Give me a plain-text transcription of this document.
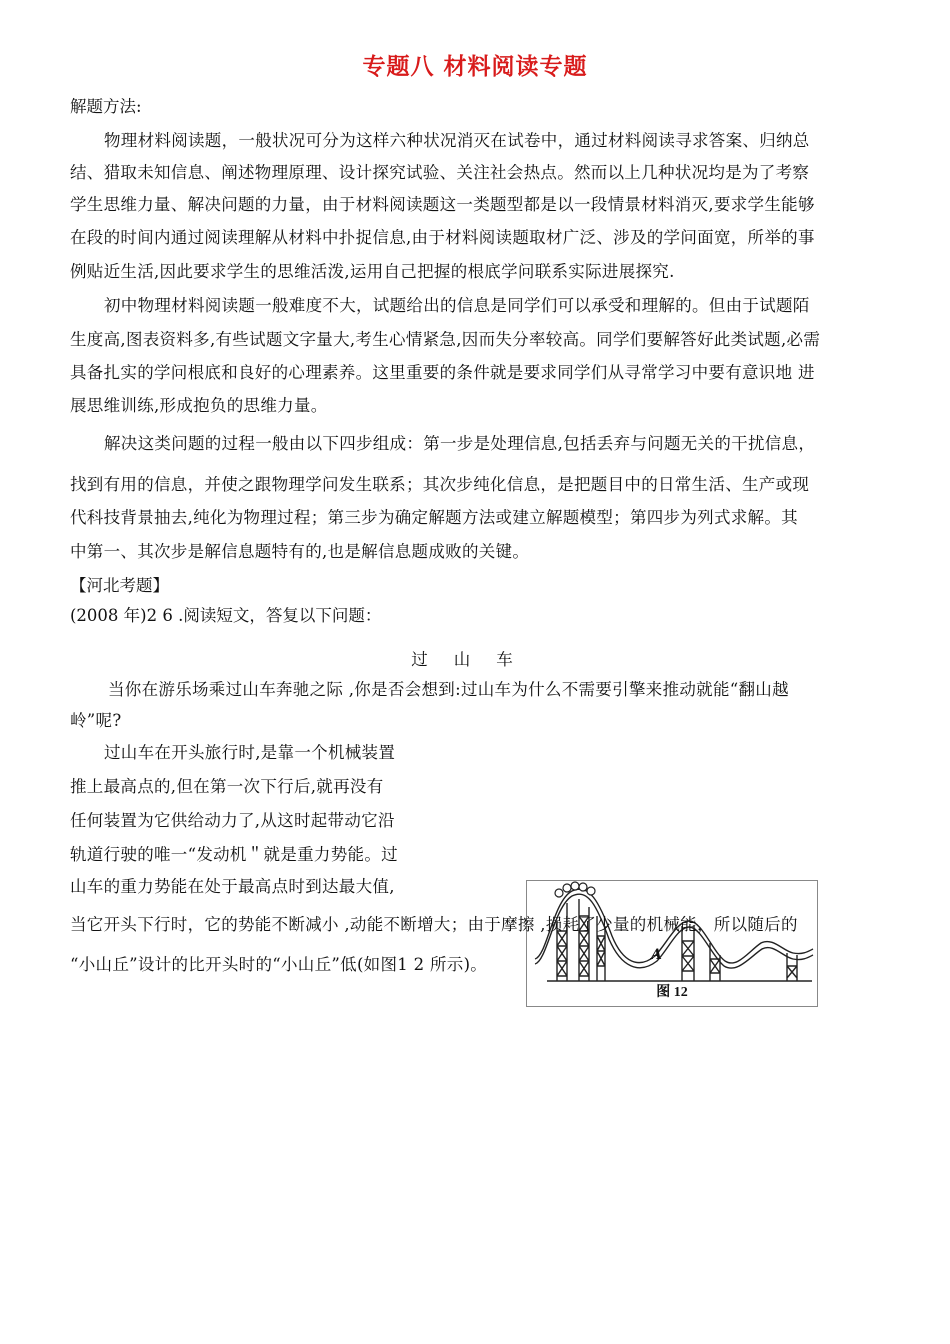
专题八 材料阅读专题
解题方法:
物理材料阅读题，一般状况可分为这样六种状况消灭在试卷中，通过材料阅读寻求答案、归纳总
结、猎取未知信息、阐述物理原理、设计探究试验、关注社会热点。然而以上几种状况均是为了考察
学生思维力量、解决问题的力量，由于材料阅读题这一类题型都是以一段情景材料消灭,要求学生能够
在段的时间内通过阅读理解从材料中扑捉信息,由于材料阅读题取材广泛、涉及的学问面宽，所举的事
例贴近生活,因此要求学生的思维活泼,运用自己把握的根底学问联系实际进展探究.
初中物理材料阅读题一般难度不大，试题给出的信息是同学们可以承受和理解的。但由于试题陌
生度高,图表资料多,有些试题文字量大,考生心情紧急,因而失分率较高。同学们要解答好此类试题,必需
具备扎实的学问根底和良好的心理素养。这里重要的条件就是要求同学们从寻常学习中要有意识地 进
展思维训练,形成抱负的思维力量。
解决这类问题的过程一般由以下四步组成：第一步是处理信息,包括丢弃与问题无关的干扰信息，
找到有用的信息，并使之跟物理学问发生联系；其次步纯化信息，是把题目中的日常生活、生产或现
代科技背景抽去,纯化为物理过程；第三步为确定解题方法或建立解题模型；第四步为列式求解。其
中第一、其次步是解信息题特有的,也是解信息题成败的关键。
【河北考题】
(2008 年)2 6 .阅读短文，答复以下问题：
过山车
当你在游乐场乘过山车奔驰之际 ,你是否会想到:过山车为什么不需要引擎来推动就能“翻山越
岭”呢?
过山车在开头旅行时,是靠一个机械装置
推上最高点的,但在第一次下行后,就再没有
任何装置为它供给动力了,从这时起带动它沿
轨道行驶的唯一“发动机＂就是重力势能。过
山车的重力势能在处于最高点时到达最大值,
A
图 12
当它开头下行时，它的势能不断减小 ,动能不断增大；由于摩擦 ,损耗了少量的机械能，所以随后的
“小山丘”设计的比开头时的“小山丘”低(如图1 2 所示)。
